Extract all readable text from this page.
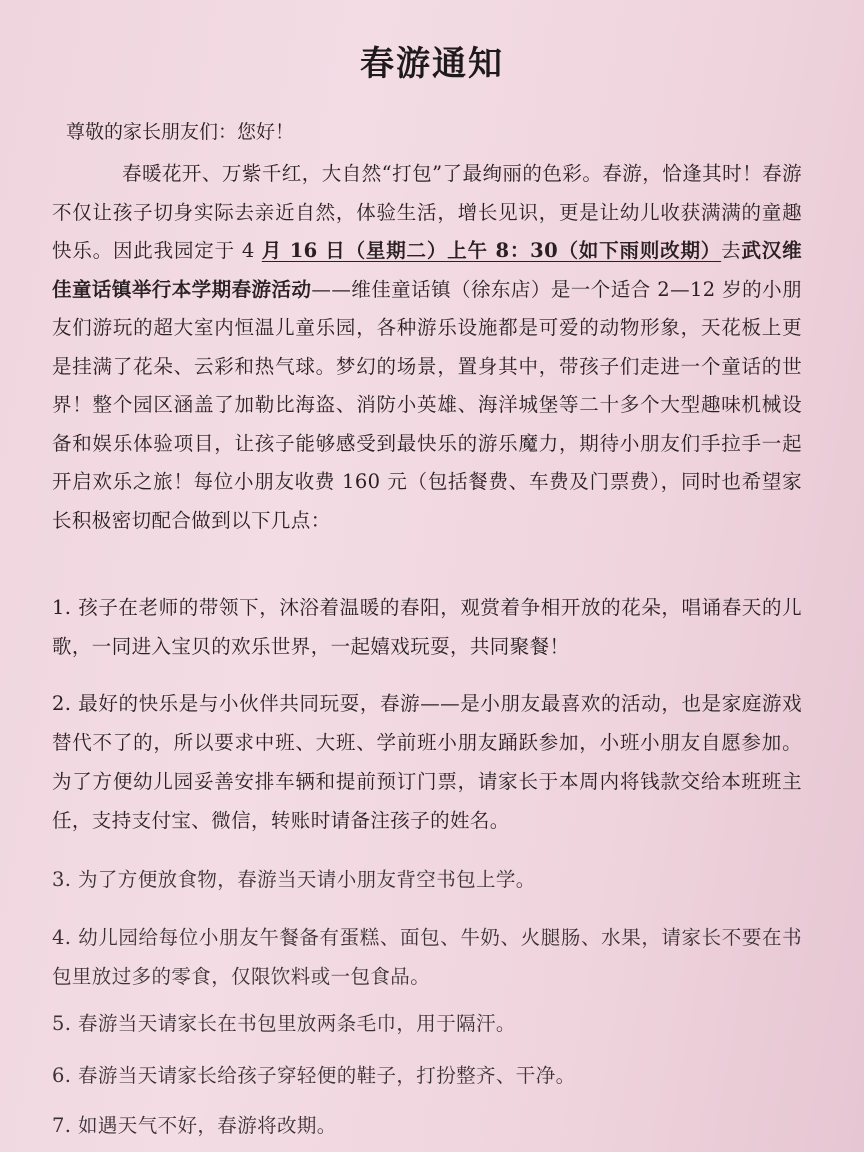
春游通知
尊敬的家长朋友们：您好！
春暖花开、万紫千红，大自然“打包”了最绚丽的色彩。春游，恰逢其时！春游不仅让孩子切身实际去亲近自然，体验生活，增长见识，更是让幼儿收获满满的童趣快乐。因此我园定于 4 月 16 日（星期二）上午 8：30（如下雨则改期）去武汉维佳童话镇举行本学期春游活动——维佳童话镇（徐东店）是一个适合 2—12 岁的小朋友们游玩的超大室内恒温儿童乐园，各种游乐设施都是可爱的动物形象，天花板上更是挂满了花朵、云彩和热气球。梦幻的场景，置身其中，带孩子们走进一个童话的世界！整个园区涵盖了加勒比海盗、消防小英雄、海洋城堡等二十多个大型趣味机械设备和娱乐体验项目，让孩子能够感受到最快乐的游乐魔力，期待小朋友们手拉手一起开启欢乐之旅！每位小朋友收费 160 元（包括餐费、车费及门票费），同时也希望家长积极密切配合做到以下几点：
1. 孩子在老师的带领下，沐浴着温暖的春阳，观赏着争相开放的花朵，唱诵春天的儿歌，一同进入宝贝的欢乐世界，一起嬉戏玩耍，共同聚餐！
2. 最好的快乐是与小伙伴共同玩耍，春游——是小朋友最喜欢的活动，也是家庭游戏替代不了的，所以要求中班、大班、学前班小朋友踊跃参加，小班小朋友自愿参加。为了方便幼儿园妥善安排车辆和提前预订门票，请家长于本周内将钱款交给本班班主任，支持支付宝、微信，转账时请备注孩子的姓名。
3. 为了方便放食物，春游当天请小朋友背空书包上学。
4. 幼儿园给每位小朋友午餐备有蛋糕、面包、牛奶、火腿肠、水果，请家长不要在书包里放过多的零食，仅限饮料或一包食品。
5. 春游当天请家长在书包里放两条毛巾，用于隔汗。
6. 春游当天请家长给孩子穿轻便的鞋子，打扮整齐、干净。
7. 如遇天气不好，春游将改期。
